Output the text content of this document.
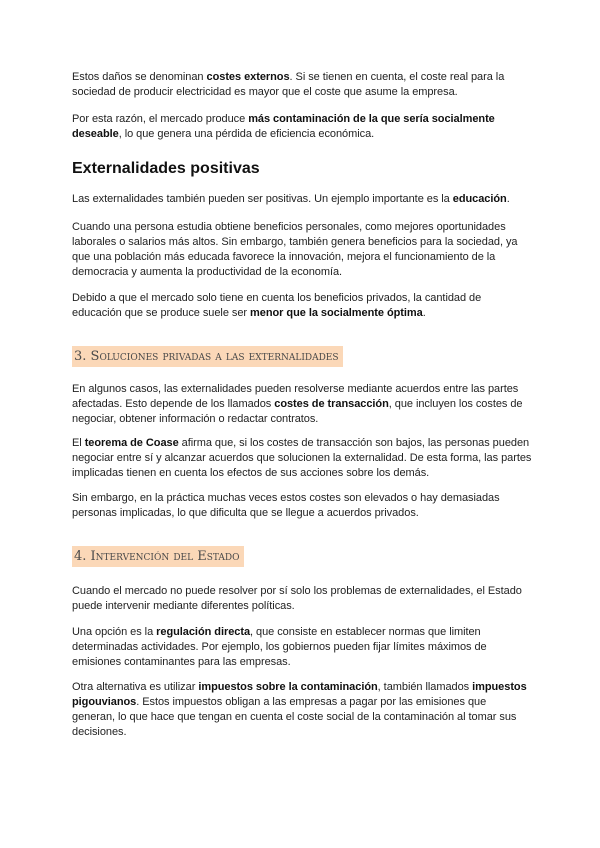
Estos daños se denominan costes externos. Si se tienen en cuenta, el coste real para la sociedad de producir electricidad es mayor que el coste que asume la empresa.

Por esta razón, el mercado produce más contaminación de la que sería socialmente deseable, lo que genera una pérdida de eficiencia económica.

Externalidades positivas

Las externalidades también pueden ser positivas. Un ejemplo importante es la educación.

Cuando una persona estudia obtiene beneficios personales, como mejores oportunidades laborales o salarios más altos. Sin embargo, también genera beneficios para la sociedad, ya que una población más educada favorece la innovación, mejora el funcionamiento de la democracia y aumenta la productividad de la economía.

Debido a que el mercado solo tiene en cuenta los beneficios privados, la cantidad de educación que se produce suele ser menor que la socialmente óptima.

3. Soluciones privadas a las externalidades

En algunos casos, las externalidades pueden resolverse mediante acuerdos entre las partes afectadas. Esto depende de los llamados costes de transacción, que incluyen los costes de negociar, obtener información o redactar contratos.

El teorema de Coase afirma que, si los costes de transacción son bajos, las personas pueden negociar entre sí y alcanzar acuerdos que solucionen la externalidad. De esta forma, las partes implicadas tienen en cuenta los efectos de sus acciones sobre los demás.

Sin embargo, en la práctica muchas veces estos costes son elevados o hay demasiadas personas implicadas, lo que dificulta que se llegue a acuerdos privados.

4. Intervención del Estado

Cuando el mercado no puede resolver por sí solo los problemas de externalidades, el Estado puede intervenir mediante diferentes políticas.

Una opción es la regulación directa, que consiste en establecer normas que limiten determinadas actividades. Por ejemplo, los gobiernos pueden fijar límites máximos de emisiones contaminantes para las empresas.

Otra alternativa es utilizar impuestos sobre la contaminación, también llamados impuestos pigouvianos. Estos impuestos obligan a las empresas a pagar por las emisiones que generan, lo que hace que tengan en cuenta el coste social de la contaminación al tomar sus decisiones.
